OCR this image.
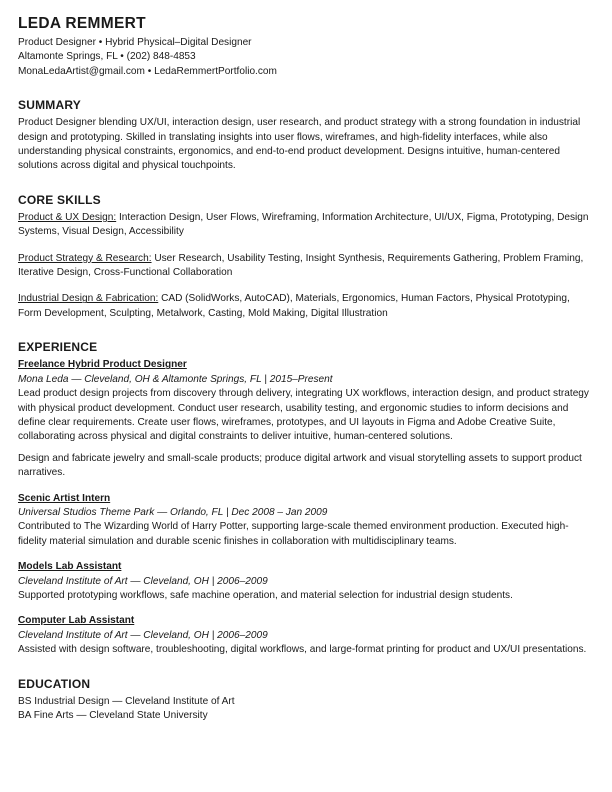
LEDA REMMERT
Product Designer • Hybrid Physical–Digital Designer
Altamonte Springs, FL • (202) 848-4853
MonaLedaArtist@gmail.com • LedaRemmertPortfolio.com
SUMMARY

Product Designer blending UX/UI, interaction design, user research, and product strategy with a strong foundation in industrial design and prototyping. Skilled in translating insights into user flows, wireframes, and high-fidelity interfaces, while also understanding physical constraints, ergonomics, and end-to-end product development. Designs intuitive, human-centered solutions across digital and physical touchpoints.

CORE SKILLS

Product & UX Design: Interaction Design, User Flows, Wireframing, Information Architecture, UI/UX, Figma, Prototyping, Design Systems, Visual Design, Accessibility

Product Strategy & Research: User Research, Usability Testing, Insight Synthesis, Requirements Gathering, Problem Framing, Iterative Design, Cross-Functional Collaboration

Industrial Design & Fabrication: CAD (SolidWorks, AutoCAD), Materials, Ergonomics, Human Factors, Physical Prototyping, Form Development, Sculpting, Metalwork, Casting, Mold Making, Digital Illustration

EXPERIENCE
Freelance Hybrid Product Designer
Mona Leda — Cleveland, OH & Altamonte Springs, FL | 2015–Present

Lead product design projects from discovery through delivery, integrating UX workflows, interaction design, and product strategy with physical product development. Conduct user research, usability testing, and ergonomic studies to inform decisions and define clear requirements. Create user flows, wireframes, prototypes, and UI layouts in Figma and Adobe Creative Suite, collaborating across physical and digital constraints to deliver intuitive, human-centered solutions.

Design and fabricate jewelry and small-scale products; produce digital artwork and visual storytelling assets to support product narratives.

Scenic Artist Intern
Universal Studios Theme Park — Orlando, FL | Dec 2008 – Jan 2009

Contributed to The Wizarding World of Harry Potter, supporting large-scale themed environment production. Executed high-fidelity material simulation and durable scenic finishes in collaboration with multidisciplinary teams.

Models Lab Assistant
Cleveland Institute of Art — Cleveland, OH | 2006–2009

Supported prototyping workflows, safe machine operation, and material selection for industrial design students.

Computer Lab Assistant
Cleveland Institute of Art — Cleveland, OH | 2006–2009

Assisted with design software, troubleshooting, digital workflows, and large-format printing for product and UX/UI presentations.

EDUCATION
BS Industrial Design — Cleveland Institute of Art
BA Fine Arts — Cleveland State University
